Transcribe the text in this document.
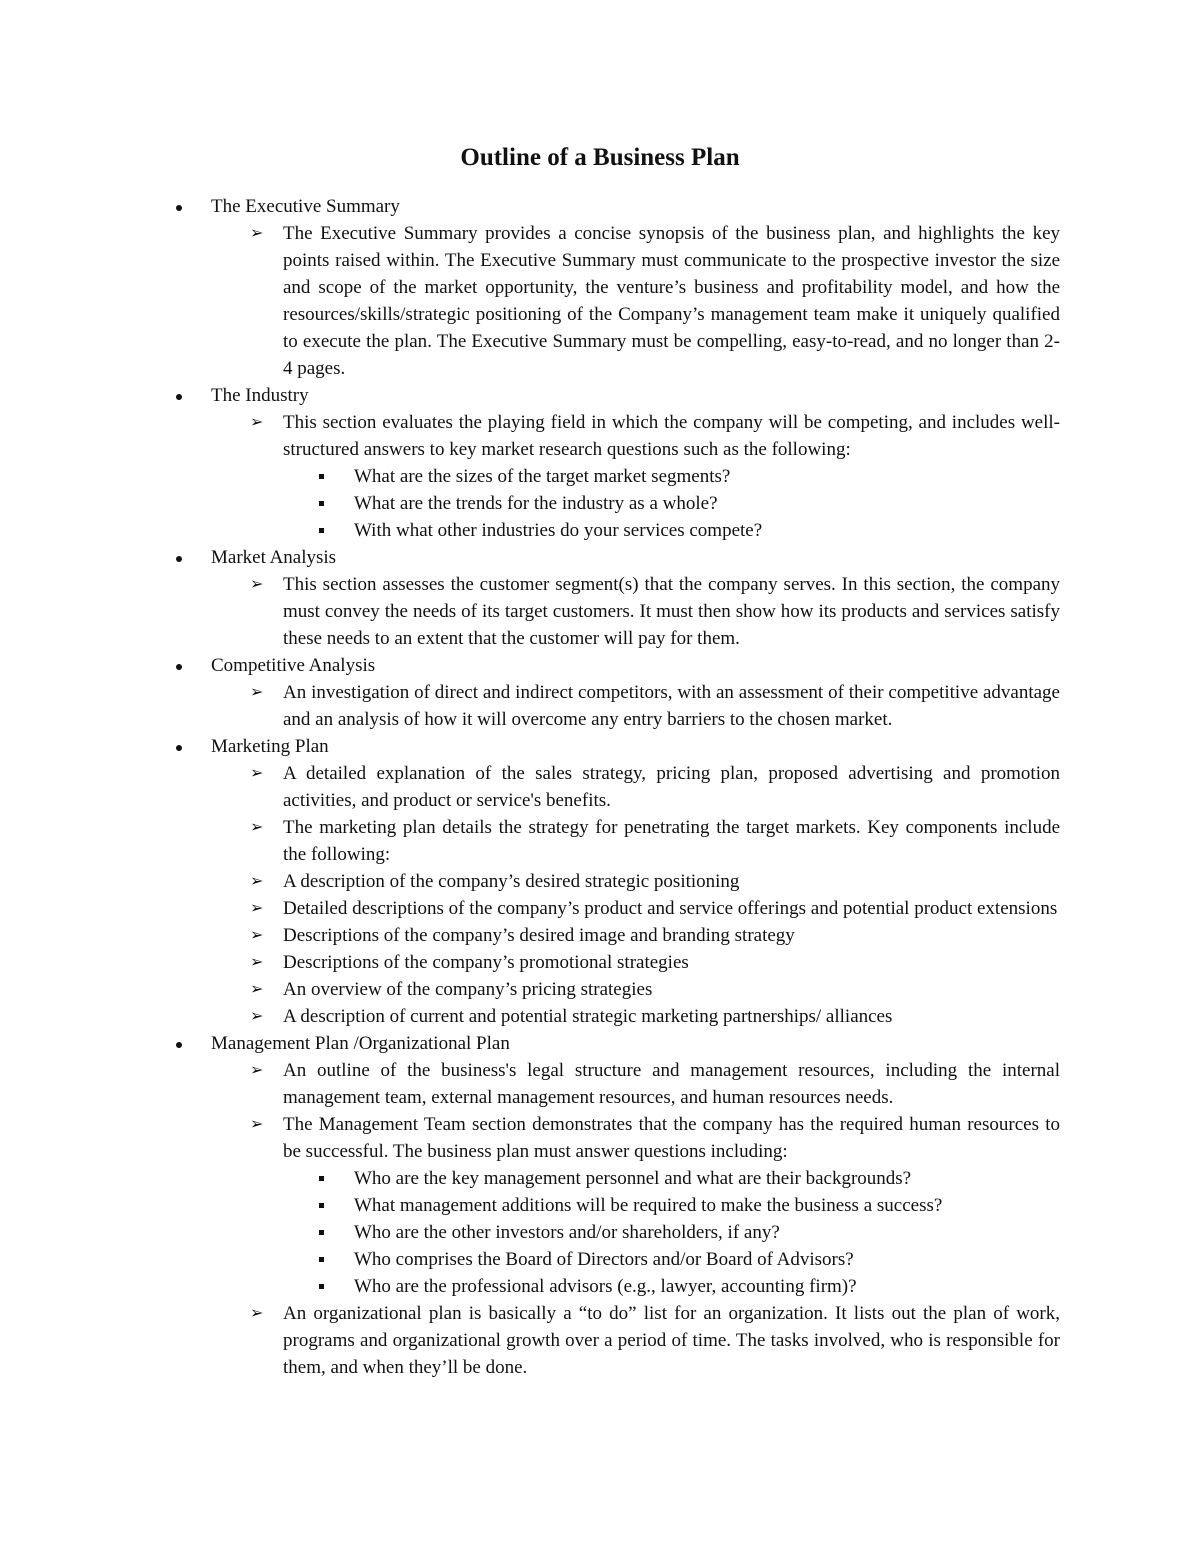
Outline of a Business Plan
The Executive Summary
➢ The Executive Summary provides a concise synopsis of the business plan, and highlights the key points raised within. The Executive Summary must communicate to the prospective investor the size and scope of the market opportunity, the venture’s business and profitability model, and how the resources/skills/strategic positioning of the Company’s management team make it uniquely qualified to execute the plan. The Executive Summary must be compelling, easy-to-read, and no longer than 2-4 pages.
The Industry
➢ This section evaluates the playing field in which the company will be competing, and includes well-structured answers to key market research questions such as the following:
What are the sizes of the target market segments?
What are the trends for the industry as a whole?
With what other industries do your services compete?
Market Analysis
➢ This section assesses the customer segment(s) that the company serves. In this section, the company must convey the needs of its target customers. It must then show how its products and services satisfy these needs to an extent that the customer will pay for them.
Competitive Analysis
➢ An investigation of direct and indirect competitors, with an assessment of their competitive advantage and an analysis of how it will overcome any entry barriers to the chosen market.
Marketing Plan
➢ A detailed explanation of the sales strategy, pricing plan, proposed advertising and promotion activities, and product or service's benefits.
➢ The marketing plan details the strategy for penetrating the target markets. Key components include the following:
➢ A description of the company’s desired strategic positioning
➢ Detailed descriptions of the company’s product and service offerings and potential product extensions
➢ Descriptions of the company’s desired image and branding strategy
➢ Descriptions of the company’s promotional strategies
➢ An overview of the company’s pricing strategies
➢ A description of current and potential strategic marketing partnerships/ alliances
Management Plan /Organizational Plan
➢ An outline of the business's legal structure and management resources, including the internal management team, external management resources, and human resources needs.
➢ The Management Team section demonstrates that the company has the required human resources to be successful. The business plan must answer questions including:
Who are the key management personnel and what are their backgrounds?
What management additions will be required to make the business a success?
Who are the other investors and/or shareholders, if any?
Who comprises the Board of Directors and/or Board of Advisors?
Who are the professional advisors (e.g., lawyer, accounting firm)?
➢ An organizational plan is basically a “to do” list for an organization. It lists out the plan of work, programs and organizational growth over a period of time. The tasks involved, who is responsible for them, and when they’ll be done.
